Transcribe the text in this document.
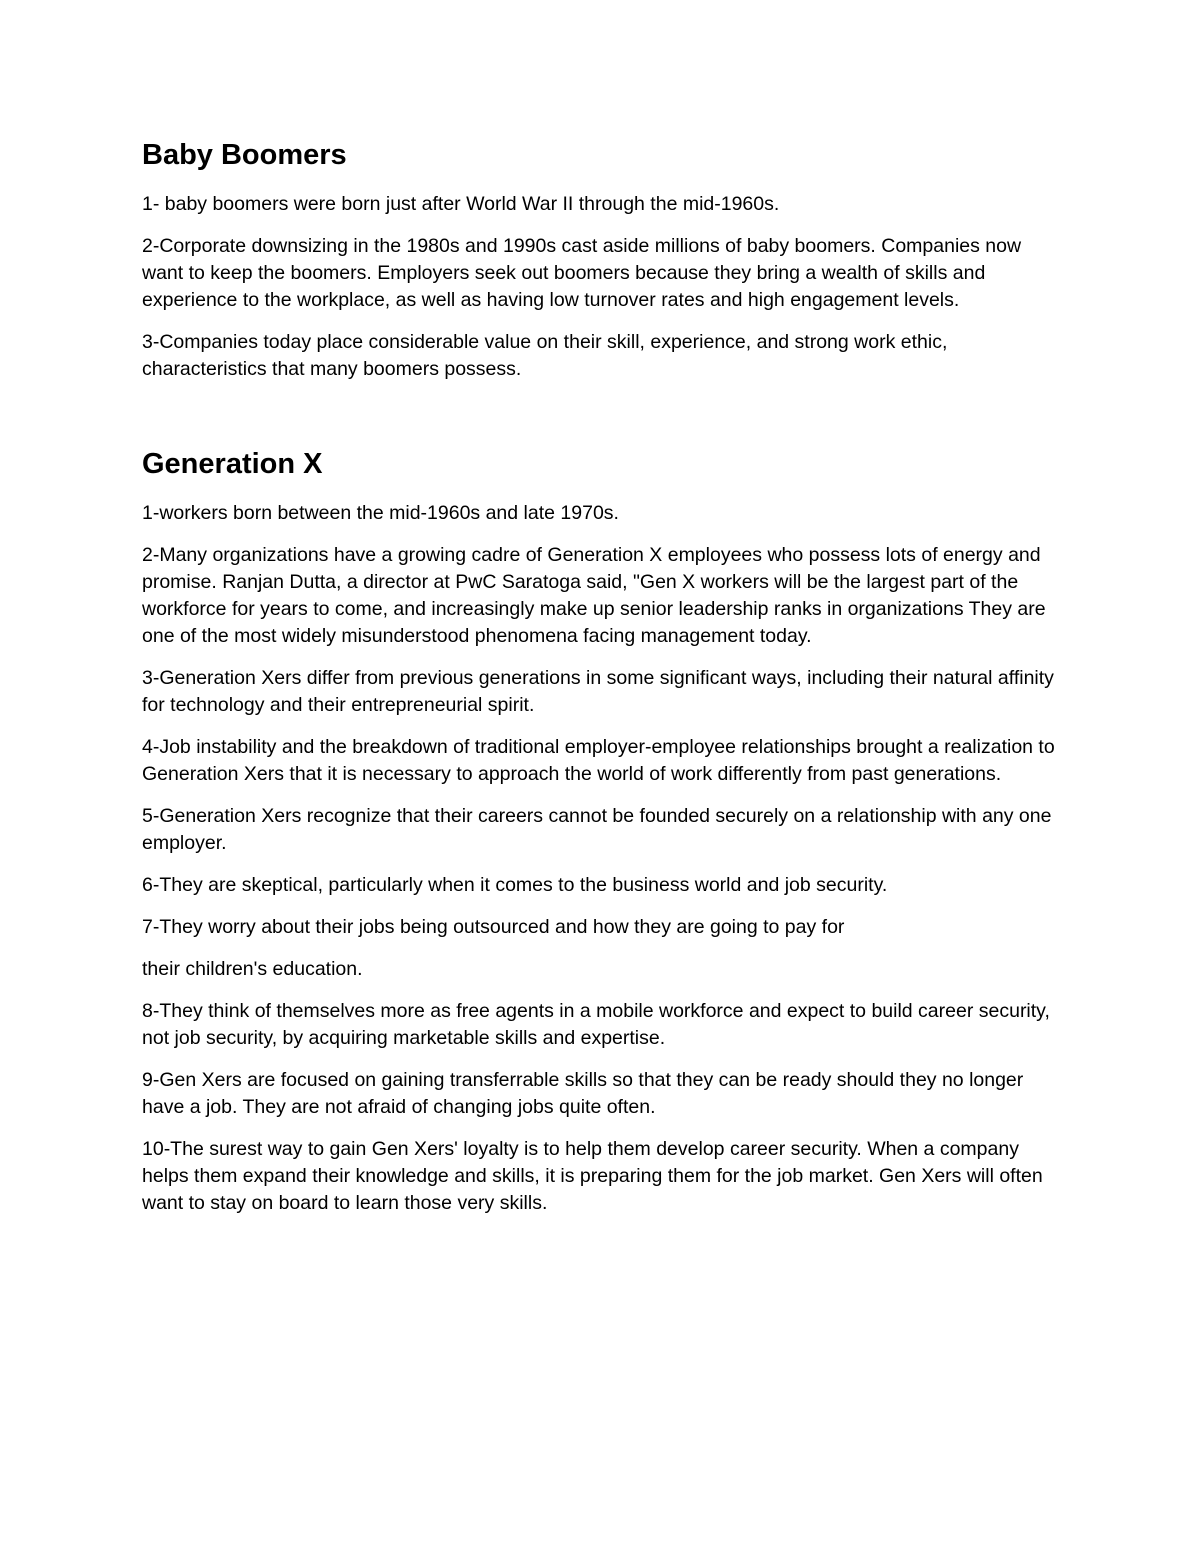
Baby Boomers

1- baby boomers were born just after World War II through the mid-1960s.

2-Corporate downsizing in the 1980s and 1990s cast aside millions of baby boomers. Companies now want to keep the boomers. Employers seek out boomers because they bring a wealth of skills and experience to the workplace, as well as having low turnover rates and high engagement levels.

3-Companies today place considerable value on their skill, experience, and strong work ethic, characteristics that many boomers possess.

Generation X

1-workers born between the mid-1960s and late 1970s.

2-Many organizations have a growing cadre of Generation X employees who possess lots of energy and promise. Ranjan Dutta, a director at PwC Saratoga said, "Gen X workers will be the largest part of the workforce for years to come, and increasingly make up senior leadership ranks in organizations They are one of the most widely misunderstood phenomena facing management today.

3-Generation Xers differ from previous generations in some significant ways, including their natural affinity for technology and their entrepreneurial spirit.

4-Job instability and the breakdown of traditional employer-employee relationships brought a realization to Generation Xers that it is necessary to approach the world of work differently from past generations.

5-Generation Xers recognize that their careers cannot be founded securely on a relationship with any one employer.

6-They are skeptical, particularly when it comes to the business world and job security.

7-They worry about their jobs being outsourced and how they are going to pay for

their children's education.

8-They think of themselves more as free agents in a mobile workforce and expect to build career security, not job security, by acquiring marketable skills and expertise.

9-Gen Xers are focused on gaining transferrable skills so that they can be ready should they no longer have a job. They are not afraid of changing jobs quite often.

10-The surest way to gain Gen Xers' loyalty is to help them develop career security. When a company helps them expand their knowledge and skills, it is preparing them for the job market. Gen Xers will often want to stay on board to learn those very skills.
